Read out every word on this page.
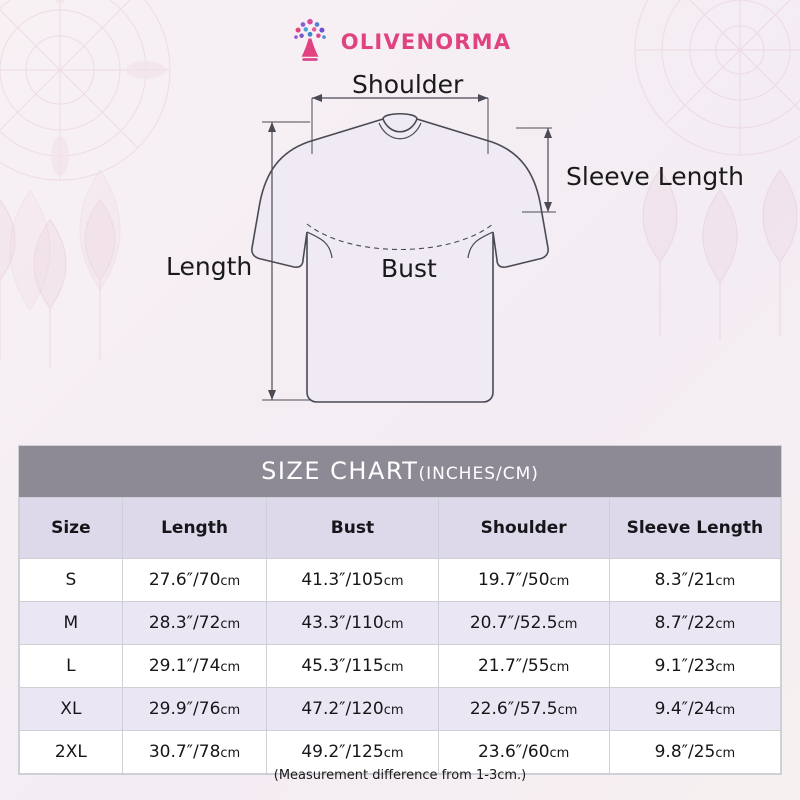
OLIVENORMA
Shoulder
Sleeve Length
Length	Bust
SIZE CHART(INCHES/CM)
Size	Length	Bust	Shoulder	Sleeve Length
S	27.6″/70cm	41.3″/105cm	19.7″/50cm	8.3″/21cm
M	28.3″/72cm	43.3″/110cm	20.7″/52.5cm	8.7″/22cm
L	29.1″/74cm	45.3″/115cm	21.7″/55cm	9.1″/23cm
XL	29.9″/76cm	47.2″/120cm	22.6″/57.5cm	9.4″/24cm
2XL	30.7″/78cm	49.2″/125cm	23.6″/60cm	9.8″/25cm
(Measurement difference from 1-3cm.)
